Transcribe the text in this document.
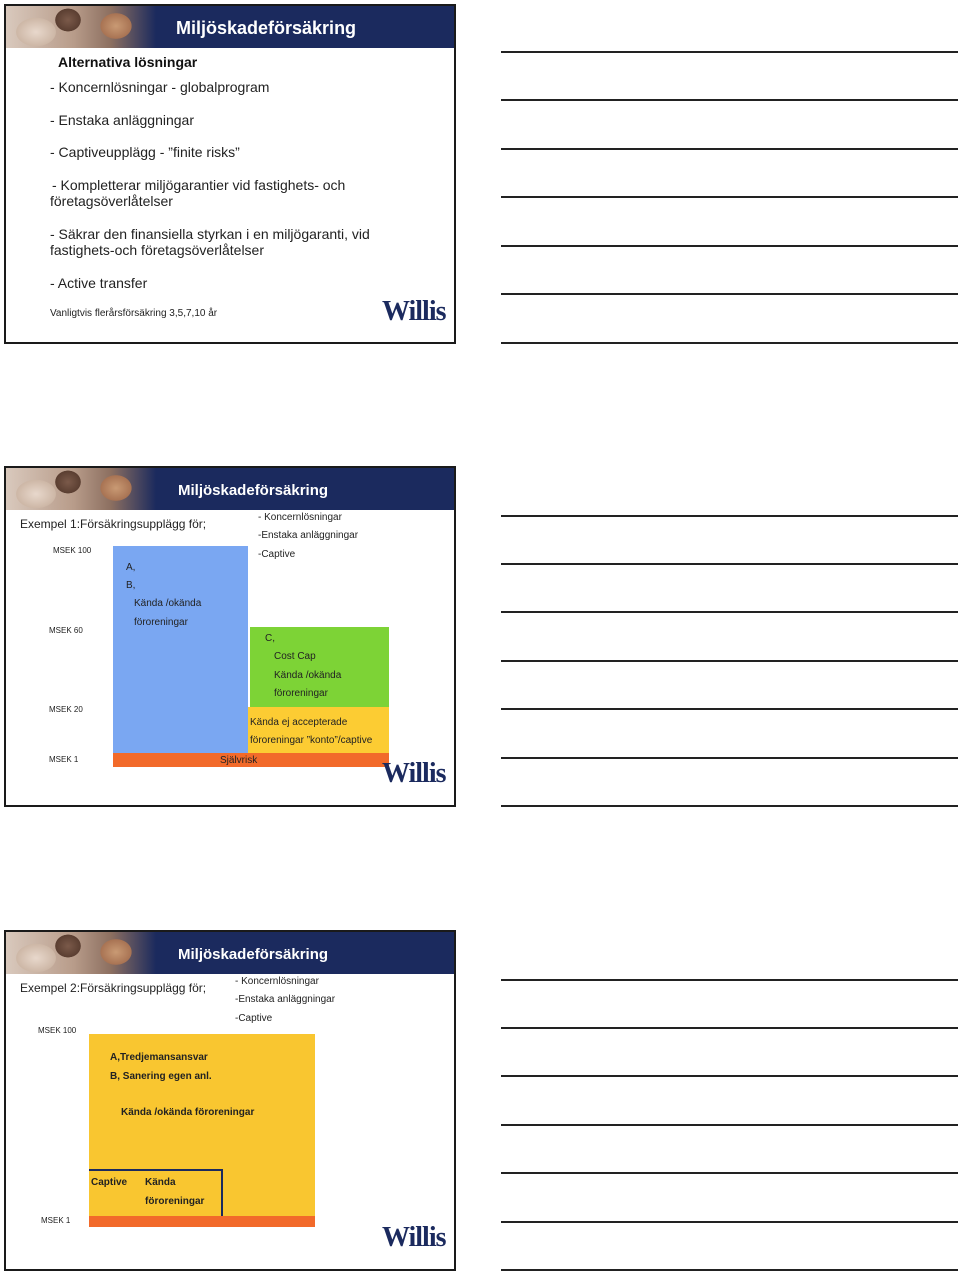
Miljöskadeförsäkring
Alternativa lösningar
- Koncernlösningar - globalprogram
- Enstaka anläggningar
- Captiveupplägg - ”finite risks”
- Kompletterar miljögarantier vid fastighets- och
företagsöverlåtelser
- Säkrar den finansiella styrkan i en miljögaranti, vid
fastighets-och företagsöverlåtelser
- Active transfer
Vanligtvis flerårsförsäkring 3,5,7,10 år	Willis
Miljöskadeförsäkring
Exempel 1:Försäkringsupplägg för;	- Koncernlösningar
-Enstaka anläggningar
-Captive
MSEK 100
MSEK 60
MSEK 20
MSEK 1
A,
B,
Kända /okända
föroreningar
C,
Cost Cap
Kända /okända
föroreningar
Kända ej accepterade
föroreningar ”konto”/captive
Självrisk	Willis
Miljöskadeförsäkring
Exempel 2:Försäkringsupplägg för;	- Koncernlösningar
-Enstaka anläggningar
-Captive
MSEK 100
MSEK 1
A,Tredjemansansvar
B, Sanering egen anl.
Kända /okända föroreningar
Captive Kända
föroreningar
Willis
